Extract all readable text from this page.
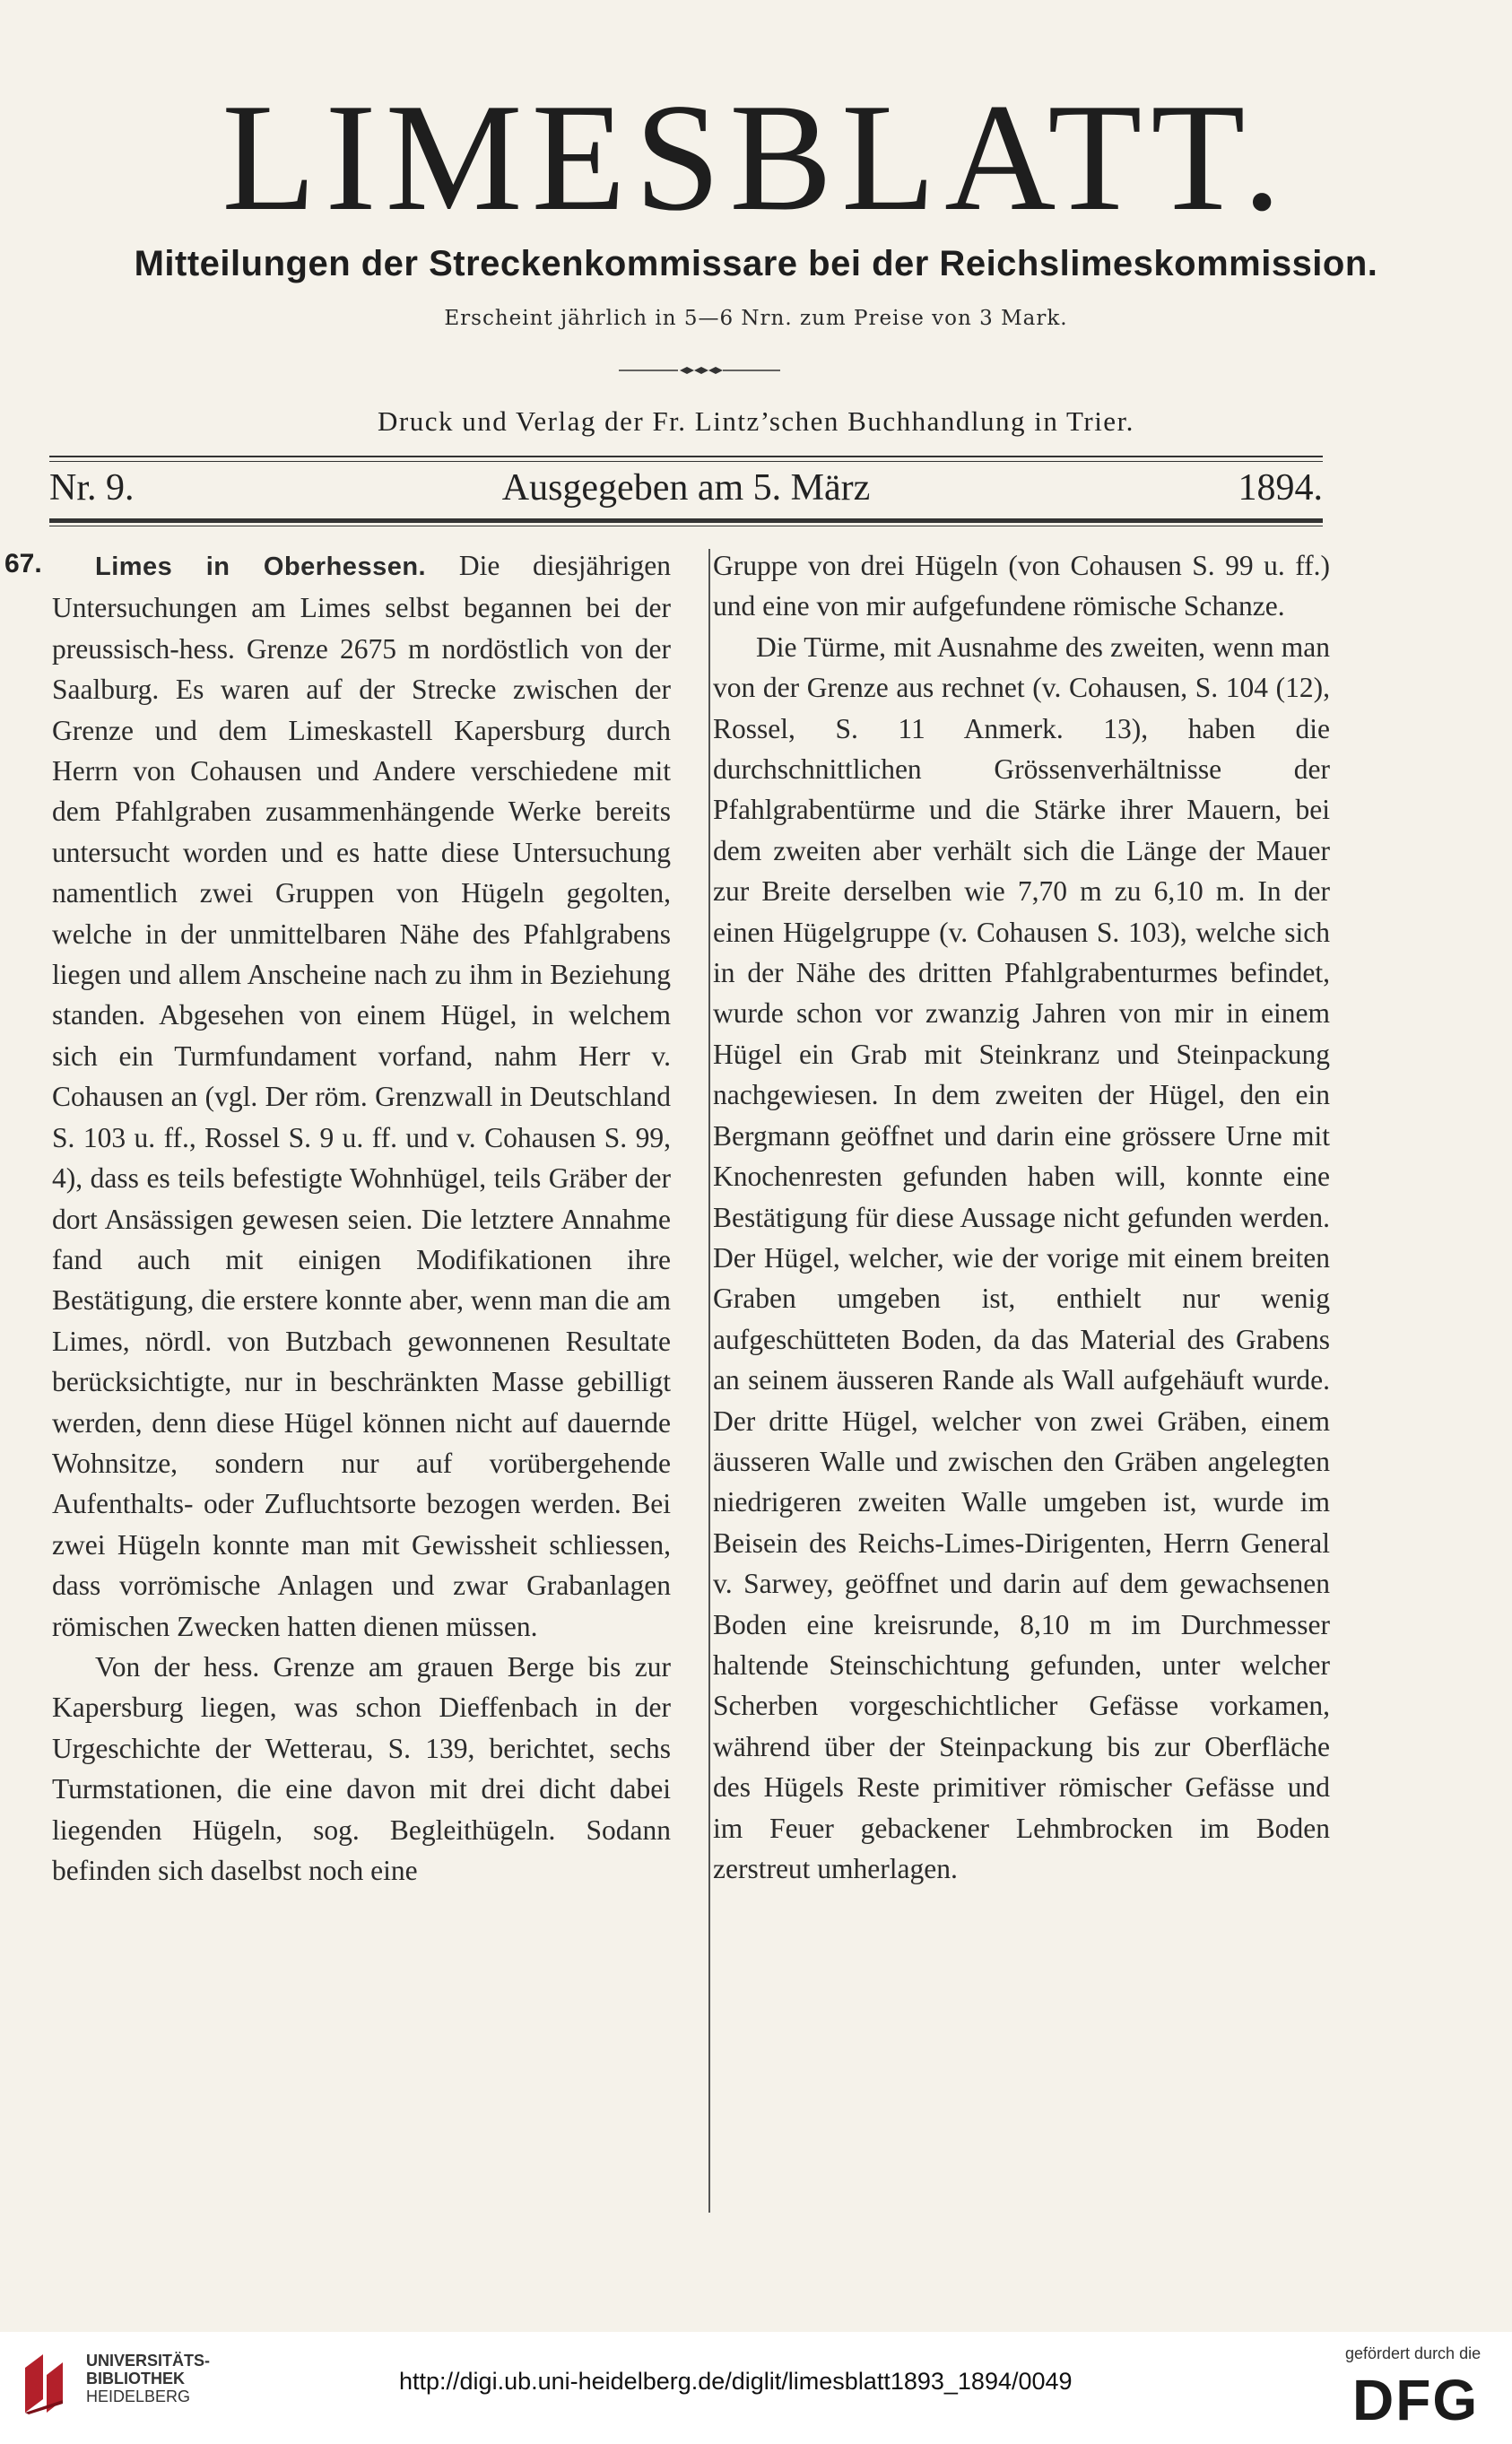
LIMESBLATT.
Mitteilungen der Streckenkommissare bei der Reichslimeskommission.
Erscheint jährlich in 5—6 Nrn. zum Preise von 3 Mark.
Druck und Verlag der Fr. Lintz’schen Buchhandlung in Trier.
Nr. 9.	Ausgegeben am 5. März	1894.
67.	Limes in Oberhessen. Die diesjährigen Untersuchungen am Limes selbst begannen bei der preussisch-hess. Grenze 2675 m nordöstlich von der Saalburg. Es waren auf der Strecke zwischen der Grenze und dem Limeskastell Kapersburg durch Herrn von Cohausen und Andere verschiedene mit dem Pfahlgraben zusammenhängende Werke bereits untersucht worden und es hatte diese Untersuchung namentlich zwei Gruppen von Hügeln gegolten, welche in der unmittelbaren Nähe des Pfahlgrabens liegen und allem Anscheine nach zu ihm in Beziehung standen. Abgesehen von einem Hügel, in welchem sich ein Turmfundament vorfand, nahm Herr v. Cohausen an (vgl. Der röm. Grenzwall in Deutschland S. 103 u. ff., Rossel S. 9 u. ff. und v. Cohausen S. 99, 4), dass es teils befestigte Wohnhügel, teils Gräber der dort Ansässigen gewesen seien. Die letztere Annahme fand auch mit einigen Modifikationen ihre Bestätigung, die erstere konnte aber, wenn man die am Limes, nördl. von Butzbach gewonnenen Resultate berücksichtigte, nur in beschränkten Masse gebilligt werden, denn diese Hügel können nicht auf dauernde Wohnsitze, sondern nur auf vorübergehende Aufenthalts- oder Zufluchtsorte bezogen werden. Bei zwei Hügeln konnte man mit Gewissheit schliessen, dass vorrömische Anlagen und zwar Grabanlagen römischen Zwecken hatten dienen müssen.

Von der hess. Grenze am grauen Berge bis zur Kapersburg liegen, was schon Dieffenbach in der Urgeschichte der Wetterau, S. 139, berichtet, sechs Turmstationen, die eine davon mit drei dicht dabei liegenden Hügeln, sog. Begleithügeln. Sodann befinden sich daselbst noch eine

Gruppe von drei Hügeln (von Cohausen S. 99 u. ff.) und eine von mir aufgefundene römische Schanze.

Die Türme, mit Ausnahme des zweiten, wenn man von der Grenze aus rechnet (v. Cohausen, S. 104 (12), Rossel, S. 11 Anmerk. 13), haben die durchschnittlichen Grössenverhältnisse der Pfahlgrabentürme und die Stärke ihrer Mauern, bei dem zweiten aber verhält sich die Länge der Mauer zur Breite derselben wie 7,70 m zu 6,10 m. In der einen Hügelgruppe (v. Cohausen S. 103), welche sich in der Nähe des dritten Pfahlgrabenturmes befindet, wurde schon vor zwanzig Jahren von mir in einem Hügel ein Grab mit Steinkranz und Steinpackung nachgewiesen. In dem zweiten der Hügel, den ein Bergmann geöffnet und darin eine grössere Urne mit Knochenresten gefunden haben will, konnte eine Bestätigung für diese Aussage nicht gefunden werden. Der Hügel, welcher, wie der vorige mit einem breiten Graben umgeben ist, enthielt nur wenig aufgeschütteten Boden, da das Material des Grabens an seinem äusseren Rande als Wall aufgehäuft wurde. Der dritte Hügel, welcher von zwei Gräben, einem äusseren Walle und zwischen den Gräben angelegten niedrigeren zweiten Walle umgeben ist, wurde im Beisein des Reichs-Limes-Dirigenten, Herrn General v. Sarwey, geöffnet und darin auf dem gewachsenen Boden eine kreisrunde, 8,10 m im Durchmesser haltende Steinschichtung gefunden, unter welcher Scherben vorgeschichtlicher Gefässe vorkamen, während über der Steinpackung bis zur Oberfläche des Hügels Reste primitiver römischer Gefässe und im Feuer gebackener Lehmbrocken im Boden zerstreut umherlagen.

UNIVERSITÄTS-
BIBLIOTHEK
HEIDELBERG
http://digi.ub.uni-heidelberg.de/diglit/limesblatt1893_1894/0049
gefördert durch die
DFG
